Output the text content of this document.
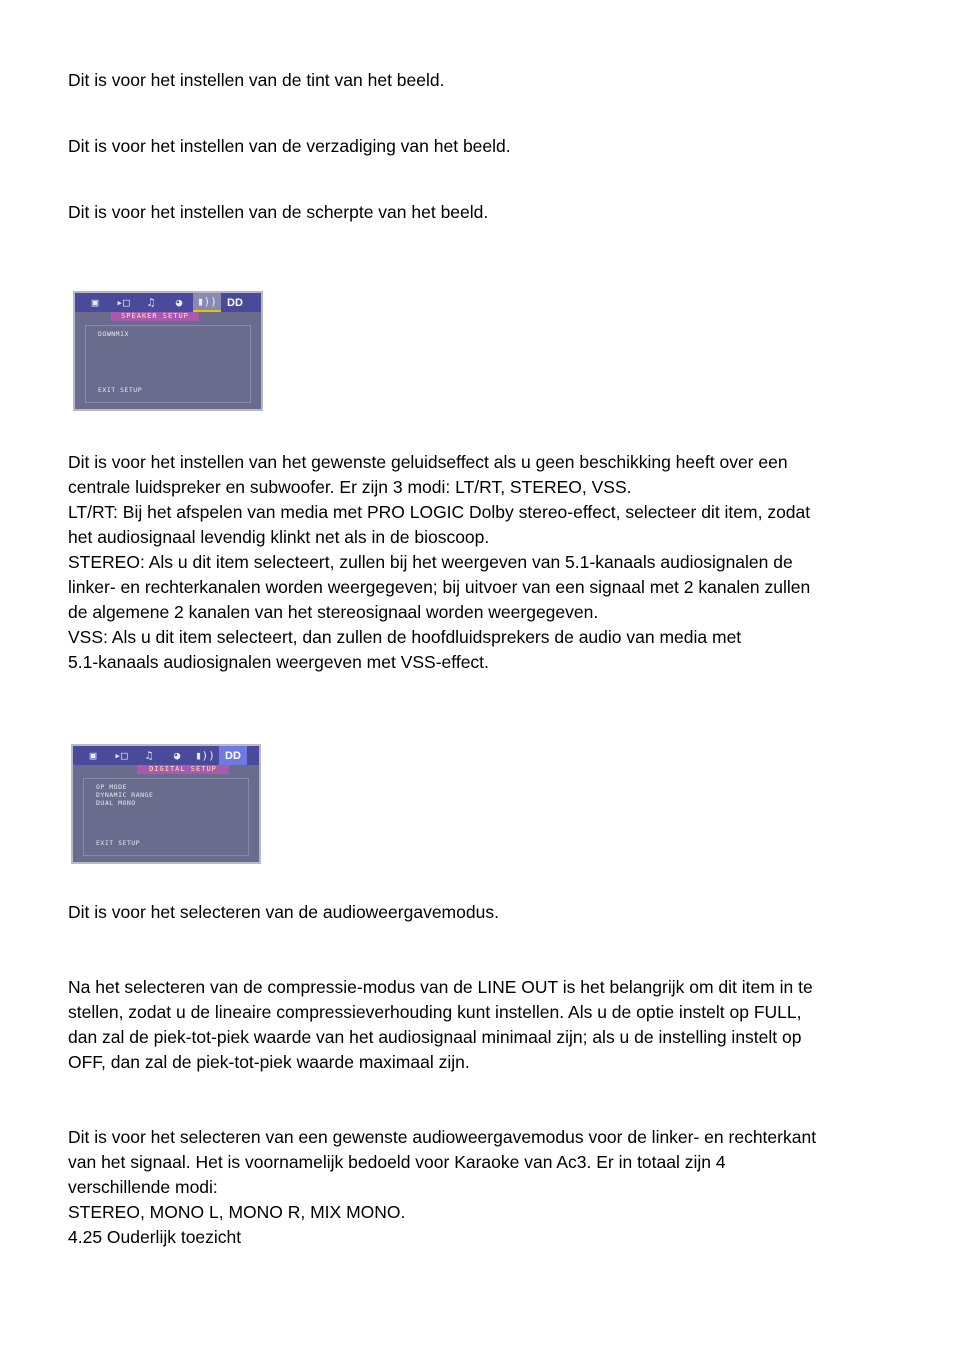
Dit is voor het instellen van de tint van het beeld.

Dit is voor het instellen van de verzadiging van het beeld.

Dit is voor het instellen van de scherpte van het beeld.

▣	▸□	♫	◕	▮)) DD
SPEAKER SETUP
DOWNMIX
EXIT SETUP

Dit is voor het instellen van het gewenste geluidseffect als u geen beschikking heeft over een
centrale luidspreker en subwoofer. Er zijn 3 modi: LT/RT, STEREO, VSS.
LT/RT: Bij het afspelen van media met PRO LOGIC Dolby stereo-effect, selecteer dit item, zodat
het audiosignaal levendig klinkt net als in de bioscoop.
STEREO: Als u dit item selecteert, zullen bij het weergeven van 5.1-kanaals audiosignalen de
linker- en rechterkanalen worden weergegeven; bij uitvoer van een signaal met 2 kanalen zullen
de algemene 2 kanalen van het stereosignaal worden weergegeven.
VSS: Als u dit item selecteert, dan zullen de hoofdluidsprekers de audio van media met
5.1-kanaals audiosignalen weergeven met VSS-effect.

▣	▸□	♫	◕	▮)) DD
DIGITAL SETUP
OP MODE
DYNAMIC RANGE
DUAL MONO
EXIT SETUP

Dit is voor het selecteren van de audioweergavemodus.

Na het selecteren van de compressie-modus van de LINE OUT is het belangrijk om dit item in te
stellen, zodat u de lineaire compressieverhouding kunt instellen. Als u de optie instelt op FULL,
dan zal de piek-tot-piek waarde van het audiosignaal minimaal zijn; als u de instelling instelt op
OFF, dan zal de piek-tot-piek waarde maximaal zijn.

Dit is voor het selecteren van een gewenste audioweergavemodus voor de linker- en rechterkant
van het signaal. Het is voornamelijk bedoeld voor Karaoke van Ac3. Er in totaal zijn 4
verschillende modi:
STEREO, MONO L, MONO R, MIX MONO.
4.25 Ouderlijk toezicht
